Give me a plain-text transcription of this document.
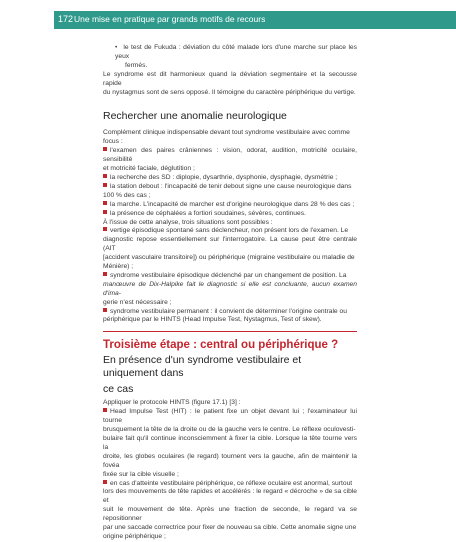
172 Une mise en pratique par grands motifs de recours

• le test de Fukuda : déviation du côté malade lors d'une marche sur place les yeux

fermés.

Le syndrome est dit harmonieux quand la déviation segmentaire et la secousse rapide

du nystagmus sont de sens opposé. Il témoigne du caractère périphérique du vertige.

Rechercher une anomalie neurologique

Complément clinique indispensable devant tout syndrome vestibulaire avec comme

focus :

l'examen des paires crâniennes : vision, odorat, audition, motricité oculaire, sensibilité

et motricité faciale, déglutition ;

la recherche des SD : diplopie, dysarthrie, dysphonie, dysphagie, dysmétrie ;

la station debout : l'incapacité de tenir debout signe une cause neurologique dans

100 % des cas ;

la marche. L'incapacité de marcher est d'origine neurologique dans 28 % des cas ;

la présence de céphalées a fortiori soudaines, sévères, continues.

À l'issue de cette analyse, trois situations sont possibles :

vertige épisodique spontané sans déclencheur, non présent lors de l'examen. Le

diagnostic repose essentiellement sur l'interrogatoire. La cause peut être centrale (AIT

[accident vasculaire transitoire]) ou périphérique (migraine vestibulaire ou maladie de

Ménière) ;

syndrome vestibulaire épisodique déclenché par un changement de position. La

manœuvre de Dix-Halpike fait le diagnostic si elle est concluante, aucun examen d'ima-

gerie n'est nécessaire ;

syndrome vestibulaire permanent : il convient de déterminer l'origine centrale ou

périphérique par le HINTS (Head Impulse Test, Nystagmus, Test of skew).

Troisième étape : central ou périphérique ?
En présence d'un syndrome vestibulaire et uniquement dans
ce cas

Appliquer le protocole HINTS (figure 17.1) [3] :

Head Impulse Test (HIT) : le patient fixe un objet devant lui ; l'examinateur lui tourne

brusquement la tête de la droite ou de la gauche vers le centre. Le réflexe oculovesti-

bulaire fait qu'il continue inconsciemment à fixer la cible. Lorsque la tête tourne vers la

droite, les globes oculaires (le regard) tournent vers la gauche, afin de maintenir la fovéa

fixée sur la cible visuelle ;

en cas d'atteinte vestibulaire périphérique, ce réflexe oculaire est anormal, surtout

lors des mouvements de tête rapides et accélérés : le regard « décroche » de sa cible et

suit le mouvement de tête. Après une fraction de seconde, le regard va se repositionner

par une saccade correctrice pour fixer de nouveau sa cible. Cette anomalie signe une

origine périphérique ;
